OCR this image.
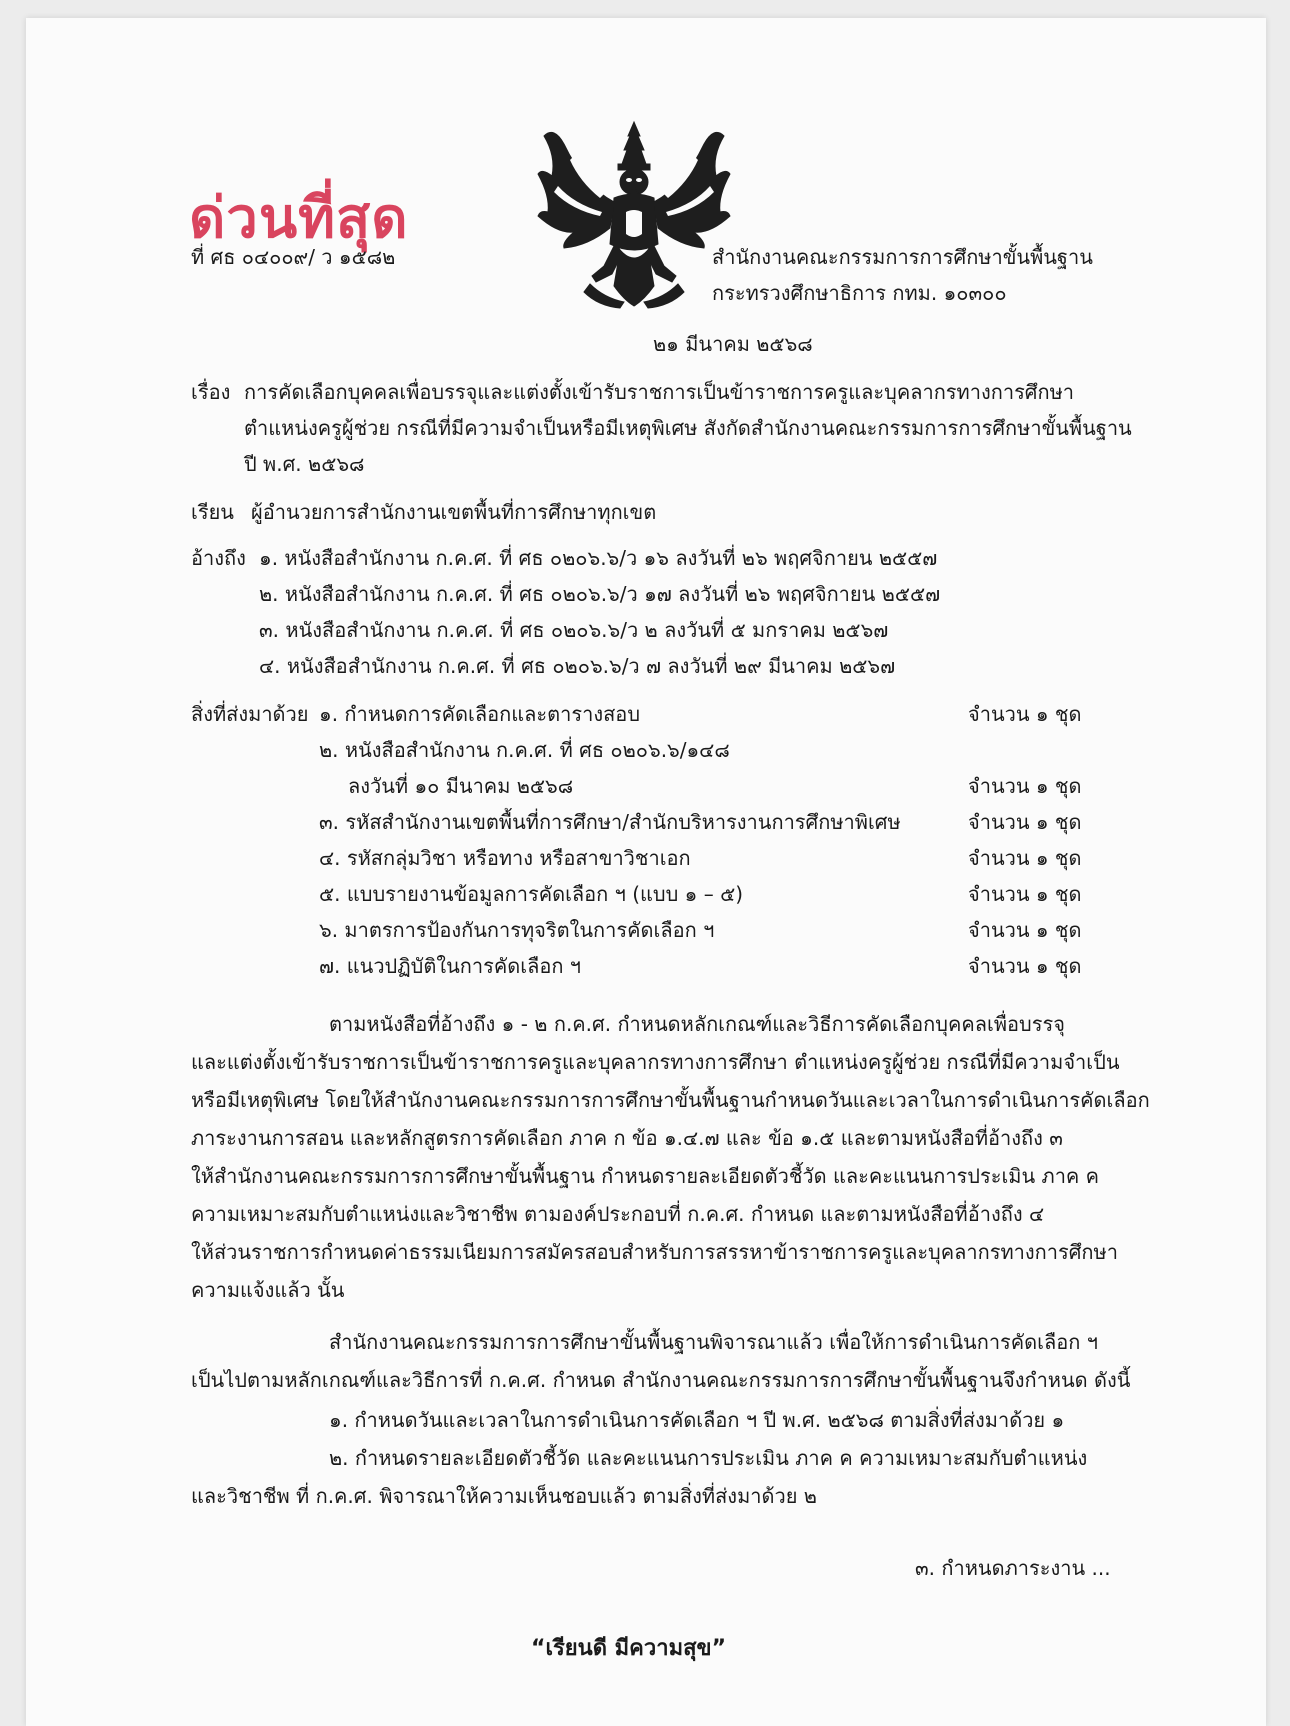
ด่วนที่สุด
ที่ ศธ ๐๔๐๐๙/ ว ๑๕๘๒	สำนักงานคณะกรรมการการศึกษาขั้นพื้นฐาน
กระทรวงศึกษาธิการ กทม. ๑๐๓๐๐
๒๑ มีนาคม ๒๕๖๘
เรื่อง การคัดเลือกบุคคลเพื่อบรรจุและแต่งตั้งเข้ารับราชการเป็นข้าราชการครูและบุคลากรทางการศึกษา
ตำแหน่งครูผู้ช่วย กรณีที่มีความจำเป็นหรือมีเหตุพิเศษ สังกัดสำนักงานคณะกรรมการการศึกษาขั้นพื้นฐาน
ปี พ.ศ. ๒๕๖๘
เรียน ผู้อำนวยการสำนักงานเขตพื้นที่การศึกษาทุกเขต
อ้างถึง ๑. หนังสือสำนักงาน ก.ค.ศ. ที่ ศธ ๐๒๐๖.๖/ว ๑๖ ลงวันที่ ๒๖ พฤศจิกายน ๒๕๕๗
๒. หนังสือสำนักงาน ก.ค.ศ. ที่ ศธ ๐๒๐๖.๖/ว ๑๗ ลงวันที่ ๒๖ พฤศจิกายน ๒๕๕๗
๓. หนังสือสำนักงาน ก.ค.ศ. ที่ ศธ ๐๒๐๖.๖/ว ๒ ลงวันที่ ๕ มกราคม ๒๕๖๗
๔. หนังสือสำนักงาน ก.ค.ศ. ที่ ศธ ๐๒๐๖.๖/ว ๗ ลงวันที่ ๒๙ มีนาคม ๒๕๖๗
สิ่งที่ส่งมาด้วย ๑. กำหนดการคัดเลือกและตารางสอบ	จำนวน ๑ ชุด
๒. หนังสือสำนักงาน ก.ค.ศ. ที่ ศธ ๐๒๐๖.๖/๑๔๘
ลงวันที่ ๑๐ มีนาคม ๒๕๖๘	จำนวน ๑ ชุด
๓. รหัสสำนักงานเขตพื้นที่การศึกษา/สำนักบริหารงานการศึกษาพิเศษ	จำนวน ๑ ชุด
๔. รหัสกลุ่มวิชา หรือทาง หรือสาขาวิชาเอก	จำนวน ๑ ชุด
๕. แบบรายงานข้อมูลการคัดเลือก ฯ (แบบ ๑ – ๕)	จำนวน ๑ ชุด
๖. มาตรการป้องกันการทุจริตในการคัดเลือก ฯ	จำนวน ๑ ชุด
๗. แนวปฏิบัติในการคัดเลือก ฯ	จำนวน ๑ ชุด
ตามหนังสือที่อ้างถึง ๑ - ๒ ก.ค.ศ. กำหนดหลักเกณฑ์และวิธีการคัดเลือกบุคคลเพื่อบรรจุ
และแต่งตั้งเข้ารับราชการเป็นข้าราชการครูและบุคลากรทางการศึกษา ตำแหน่งครูผู้ช่วย กรณีที่มีความจำเป็น
หรือมีเหตุพิเศษ โดยให้สำนักงานคณะกรรมการการศึกษาขั้นพื้นฐานกำหนดวันและเวลาในการดำเนินการคัดเลือก
ภาระงานการสอน และหลักสูตรการคัดเลือก ภาค ก ข้อ ๑.๔.๗ และ ข้อ ๑.๕ และตามหนังสือที่อ้างถึง ๓
ให้สำนักงานคณะกรรมการการศึกษาขั้นพื้นฐาน กำหนดรายละเอียดตัวชี้วัด และคะแนนการประเมิน ภาค ค
ความเหมาะสมกับตำแหน่งและวิชาชีพ ตามองค์ประกอบที่ ก.ค.ศ. กำหนด และตามหนังสือที่อ้างถึง ๔
ให้ส่วนราชการกำหนดค่าธรรมเนียมการสมัครสอบสำหรับการสรรหาข้าราชการครูและบุคลากรทางการศึกษา
ความแจ้งแล้ว นั้น
สำนักงานคณะกรรมการการศึกษาขั้นพื้นฐานพิจารณาแล้ว เพื่อให้การดำเนินการคัดเลือก ฯ
เป็นไปตามหลักเกณฑ์และวิธีการที่ ก.ค.ศ. กำหนด สำนักงานคณะกรรมการการศึกษาขั้นพื้นฐานจึงกำหนด ดังนี้
๑. กำหนดวันและเวลาในการดำเนินการคัดเลือก ฯ ปี พ.ศ. ๒๕๖๘ ตามสิ่งที่ส่งมาด้วย ๑
๒. กำหนดรายละเอียดตัวชี้วัด และคะแนนการประเมิน ภาค ค ความเหมาะสมกับตำแหน่ง
และวิชาชีพ ที่ ก.ค.ศ. พิจารณาให้ความเห็นชอบแล้ว ตามสิ่งที่ส่งมาด้วย ๒
๓. กำหนดภาระงาน ...
“เรียนดี มีความสุข”
